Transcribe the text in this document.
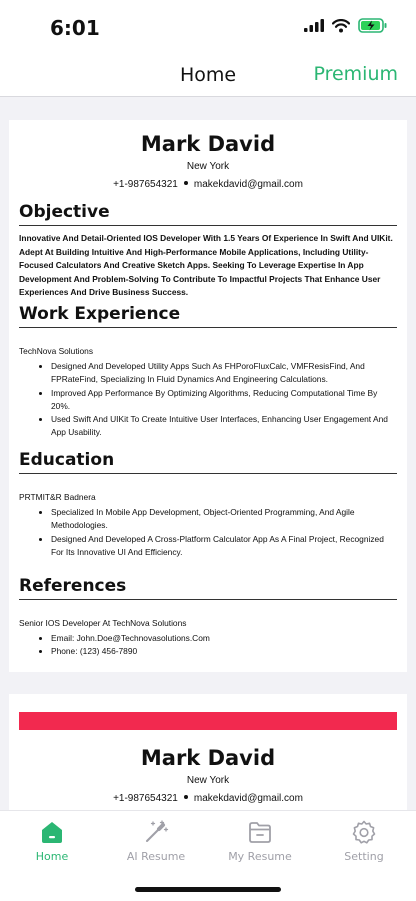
6:01
Home	Premium
Mark David
New York
+1-987654321 makekdavid@gmail.com
Objective
Innovative And Detail-Oriented IOS Developer With 1.5 Years Of Experience In Swift And UIKit. Adept At Building Intuitive And High-Performance Mobile Applications, Including Utility-Focused Calculators And Creative Sketch Apps. Seeking To Leverage Expertise In App Development And Problem-Solving To Contribute To Impactful Projects That Enhance User Experiences And Drive Business Success.
Work Experience
TechNova Solutions
• Designed And Developed Utility Apps Such As FHPoroFluxCalc, VMFResisFind, And FPRateFind, Specializing In Fluid Dynamics And Engineering Calculations.
• Improved App Performance By Optimizing Algorithms, Reducing Computational Time By 20%.
• Used Swift And UIKit To Create Intuitive User Interfaces, Enhancing User Engagement And App Usability.
Education
PRTMIT&R Badnera
• Specialized In Mobile App Development, Object-Oriented Programming, And Agile Methodologies.
• Designed And Developed A Cross-Platform Calculator App As A Final Project, Recognized For Its Innovative UI And Efficiency.
References
Senior IOS Developer At TechNova Solutions
• Email: John.Doe@Technovasolutions.Com
• Phone: (123) 456-7890
Mark David
New York
+1-987654321 makekdavid@gmail.com
Home	AI Resume	My Resume	Setting
